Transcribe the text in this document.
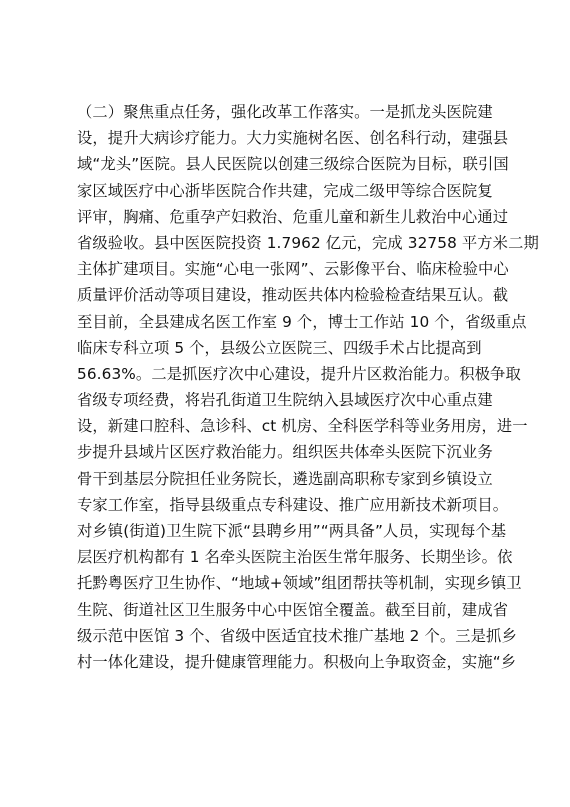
（二）聚焦重点任务，强化改革工作落实。一是抓龙头医院建
设，提升大病诊疗能力。大力实施树名医、创名科行动，建强县
域“龙头”医院。县人民医院以创建三级综合医院为目标，联引国
家区域医疗中心浙毕医院合作共建，完成二级甲等综合医院复
评审，胸痛、危重孕产妇救治、危重儿童和新生儿救治中心通过
省级验收。县中医医院投资 1.7962 亿元，完成 32758 平方米二期
主体扩建项目。实施“心电一张网”、云影像平台、临床检验中心
质量评价活动等项目建设，推动医共体内检验检查结果互认。截
至目前，全县建成名医工作室 9 个，博士工作站 10 个，省级重点
临床专科立项 5 个，县级公立医院三、四级手术占比提高到
56.63%。二是抓医疗次中心建设，提升片区救治能力。积极争取
省级专项经费，将岩孔街道卫生院纳入县域医疗次中心重点建
设，新建口腔科、急诊科、ct 机房、全科医学科等业务用房，进一
步提升县域片区医疗救治能力。组织医共体牵头医院下沉业务
骨干到基层分院担任业务院长，遴选副高职称专家到乡镇设立
专家工作室，指导县级重点专科建设、推广应用新技术新项目。
对乡镇(街道)卫生院下派“县聘乡用”“两具备”人员，实现每个基
层医疗机构都有 1 名牵头医院主治医生常年服务、长期坐诊。依
托黔粤医疗卫生协作、“地域+领域”组团帮扶等机制，实现乡镇卫
生院、街道社区卫生服务中心中医馆全覆盖。截至目前，建成省
级示范中医馆 3 个、省级中医适宜技术推广基地 2 个。三是抓乡
村一体化建设，提升健康管理能力。积极向上争取资金，实施“乡
